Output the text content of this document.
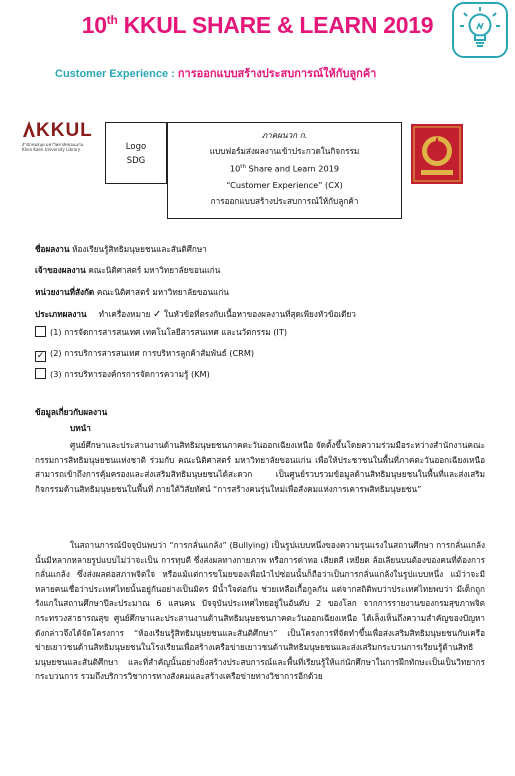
10th KKUL SHARE & LEARN 2019
Customer Experience : การออกแบบสร้างประสบการณ์ให้กับลูกค้า
KKUL
สำนักหอสมุด มหาวิทยาลัยขอนแก่น
Khon Kaen University Library	Logo
SDG
ภาคผนวก ก.
แบบฟอร์มส่งผลงานเข้าประกวดในกิจกรรม
10th Share and Learn 2019
“Customer Experience” (CX)
การออกแบบสร้างประสบการณ์ให้กับลูกค้า
ชื่อผลงาน ห้องเรียนรู้สิทธิมนุษยชนและสันติศึกษา
เจ้าของผลงาน คณะนิติศาสตร์ มหาวิทยาลัยขอนแก่น
หน่วยงานที่สังกัด คณะนิติศาสตร์ มหาวิทยาลัยขอนแก่น
ประเภทผลงาน ทำเครื่องหมาย ✓ ในหัวข้อที่ตรงกับเนื้อหาของผลงานที่สุดเพียงหัวข้อเดียว
(1) การจัดการสารสนเทศ เทคโนโลยีสารสนเทศ และนวัตกรรม (IT)
✓ (2) การบริการสารสนเทศ การบริหารลูกค้าสัมพันธ์ (CRM)
(3) การบริหารองค์กรการจัดการความรู้ (KM)
ข้อมูลเกี่ยวกับผลงาน
บทนำ
ศูนย์ศึกษาและประสานงานด้านสิทธิมนุษยชนภาคตะวันออกเฉียงเหนือ จัดตั้งขึ้นโดยความร่วมมือระหว่างสำนักงานคณะกรรมการสิทธิมนุษยชนแห่งชาติ ร่วมกับ คณะนิติศาสตร์ มหาวิทยาลัยขอนแก่น เพื่อให้ประชาชนในพื้นที่ภาคตะวันออกเฉียงเหนือสามารถเข้าถึงการคุ้มครองและส่งเสริมสิทธิมนุษยชนได้สะดวก เป็นศูนย์รวบรวมข้อมูลด้านสิทธิมนุษยชนในพื้นที่และส่งเสริมกิจกรรมด้านสิทธิมนุษยชนในพื้นที่ ภายใต้วิสัยทัศน์ “การสร้างคนรุ่นใหม่เพื่อสังคมแห่งการเคารพสิทธิมนุษยชน”
ในสถานการณ์ปัจจุบันพบว่า “การกลั่นแกล้ง” (Bullying) เป็นรูปแบบหนึ่งของความรุนแรงในสถานศึกษา การกลั่นแกล้งนั้นมีหลากหลายรูปแบบไม่ว่าจะเป็น การทุบตี ซึ่งส่งผลทางกายภาพ หรือการด่าทอ เสียดสี เหยียด ล้อเลียนบนต้องของคนที่ต้องการกลั่นแกล้ง ซึ่งส่งผลต่อสภาพจิตใจ หรือแม้แต่การขโมยของเพื่อนำไปซ่อนนั้นก็ถือว่าเป็นการกลั่นแกล้งในรูปแบบหนึ่ง แม้ว่าจะมีหลายคนเชื่อว่าประเทศไทยนั้นอยู่กันอย่างเป็นมิตร มีน้ำใจต่อกัน ช่วยเหลือเกื้อกูลกัน แต่จากสถิติพบว่าประเทศไทยพบว่า มีเด็กถูกรังแกในสถานศึกษาปีละประมาณ 6 แสนคน ปัจจุบันประเทศไทยอยู่ในอันดับ 2 ของโลก จากการรายงานของกรมสุขภาพจิต กระทรวงสาธารณสุข ศูนย์ศึกษาและประสานงานด้านสิทธิมนุษยชนภาคตะวันออกเฉียงเหนือ ได้เล็งเห็นถึงความสำคัญของปัญหาดังกล่าวจึงได้จัดโครงการ “ห้องเรียนรู้สิทธิมนุษยชนและสันติศึกษา” เป็นโครงการที่จัดทำขึ้นเพื่อส่งเสริมสิทธิมนุษยชนกับเครือข่ายเยาวชนด้านสิทธิมนุษยชนในโรงเรียนเพื่อสร้างเครือข่ายเยาวชนด้านสิทธิมนุษยชนและส่งเสริมกระบวนการเรียนรู้ด้านสิทธิมนุษยชนและสันติศึกษา และที่สำคัญนั้นอย่างยิ่งสร้างประสบการณ์และพื้นที่เรียนรู้ให้แก่นักศึกษาในการฝึกทักษะเป็นเป็นวิทยากรกระบวนการ รวมถึงบริการวิชาการทางสังคมและสร้างเครือข่ายทางวิชาการอีกด้วย
